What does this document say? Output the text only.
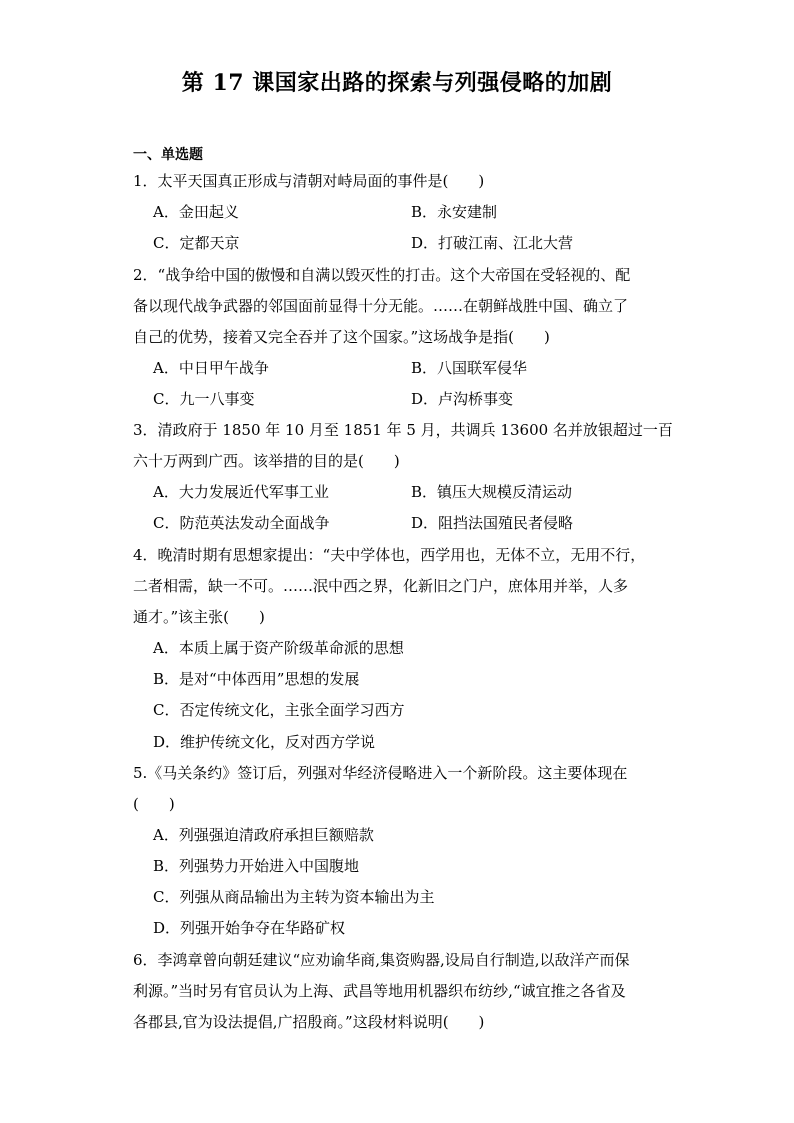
第 17 课国家出路的探索与列强侵略的加剧
一、单选题
1．太平天国真正形成与清朝对峙局面的事件是(　　)
A．金田起义	B．永安建制
C．定都天京	D．打破江南、江北大营
2．“战争给中国的傲慢和自满以毁灭性的打击。这个大帝国在受轻视的、配
备以现代战争武器的邻国面前显得十分无能。……在朝鲜战胜中国、确立了
自己的优势，接着又完全吞并了这个国家。”这场战争是指(　　)
A．中日甲午战争	B．八国联军侵华
C．九一八事变	D．卢沟桥事变
3．清政府于 1850 年 10 月至 1851 年 5 月，共调兵 13600 名并放银超过一百
六十万两到广西。该举措的目的是(　　)
A．大力发展近代军事工业	B．镇压大规模反清运动
C．防范英法发动全面战争	D．阻挡法国殖民者侵略
4．晚清时期有思想家提出：“夫中学体也，西学用也，无体不立，无用不行，
二者相需，缺一不可。……泯中西之界，化新旧之门户，庶体用并举，人多
通才。”该主张(　　)
A．本质上属于资产阶级革命派的思想
B．是对“中体西用”思想的发展
C．否定传统文化，主张全面学习西方
D．维护传统文化，反对西方学说
5.《马关条约》签订后，列强对华经济侵略进入一个新阶段。这主要体现在
(　　)
A．列强强迫清政府承担巨额赔款
B．列强势力开始进入中国腹地
C．列强从商品输出为主转为资本输出为主
D．列强开始争夺在华路矿权
6．李鸿章曾向朝廷建议“应劝谕华商,集资购器,设局自行制造,以敌洋产而保
利源。”当时另有官员认为上海、武昌等地用机器织布纺纱,“诚宜推之各省及
各郡县,官为设法提倡,广招殷商。”这段材料说明(　　)
